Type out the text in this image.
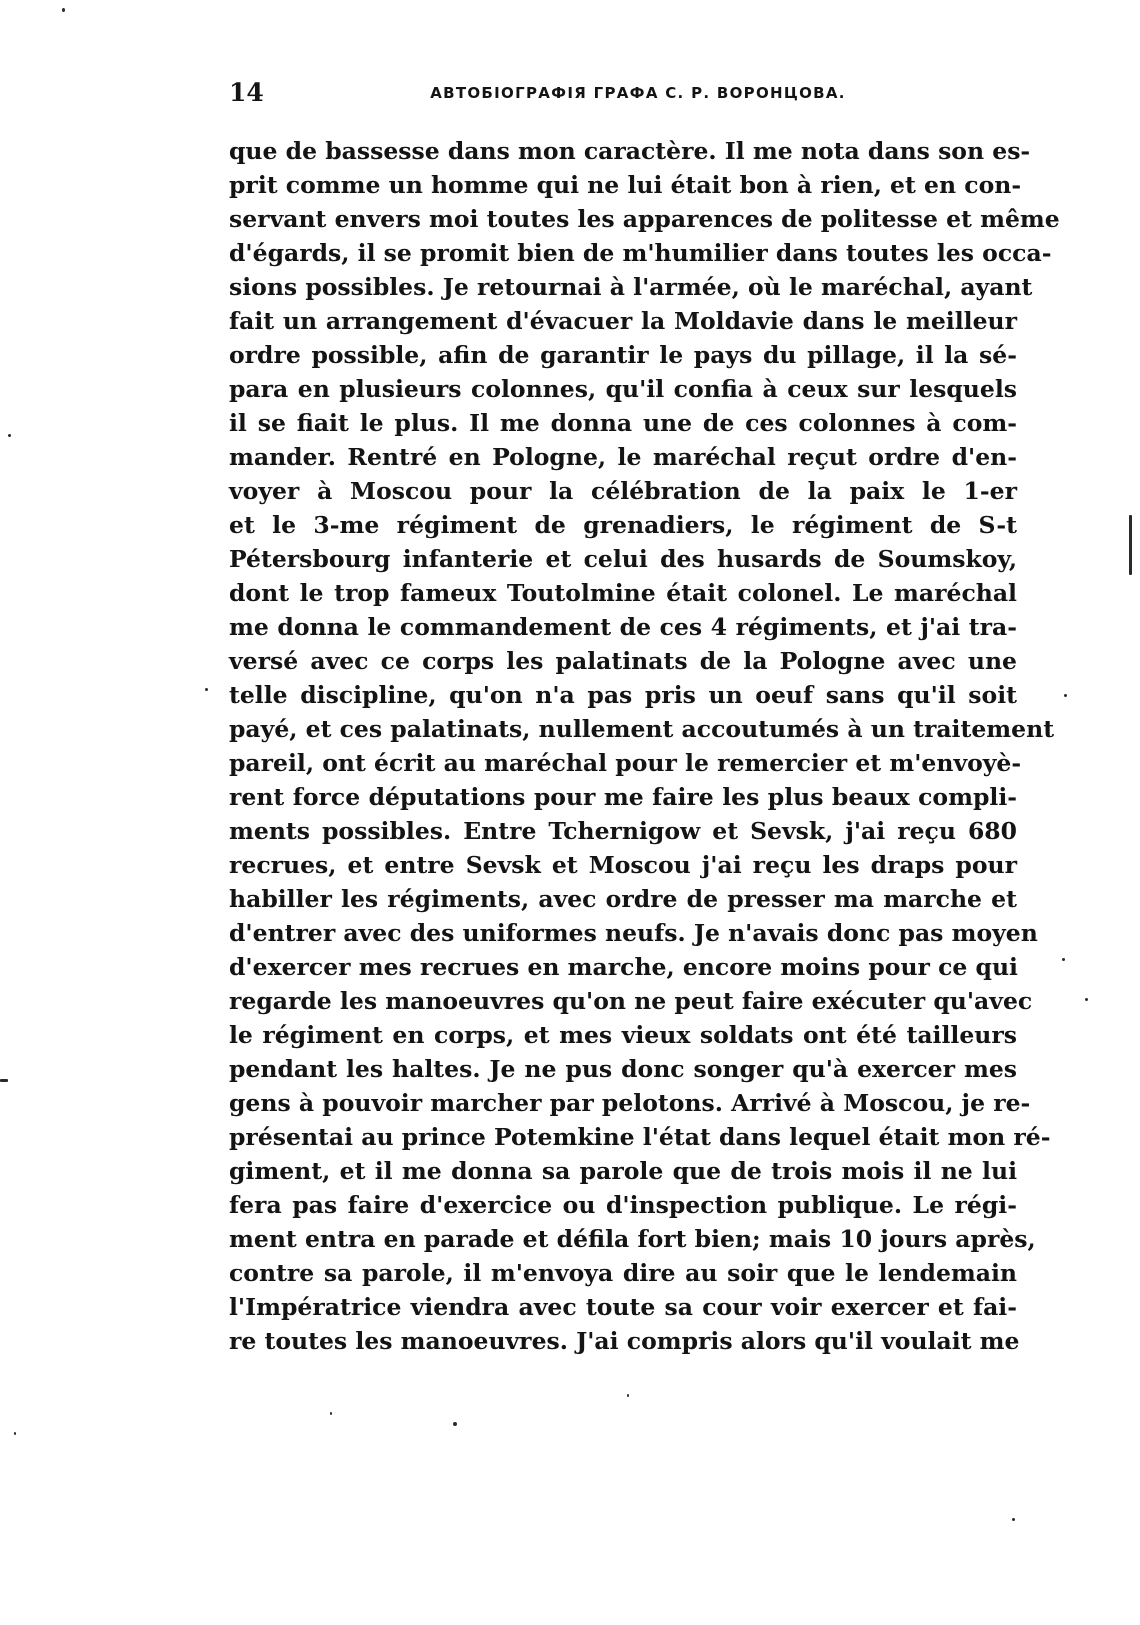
14	АВТОБІОГРАФІЯ ГРАФА С. Р. ВОРОНЦОВА.
que de bassesse dans mon caractère. Il me nota dans son es-
prit comme un homme qui ne lui était bon à rien, et en con-
servant envers moi toutes les apparences de politesse et même
d'égards, il se promit bien de m'humilier dans toutes les occa-
sions possibles. Je retournai à l'armée, où le maréchal, ayant
fait un arrangement d'évacuer la Moldavie dans le meilleur
ordre possible, afin de garantir le pays du pillage, il la sé-
para en plusieurs colonnes, qu'il confia à ceux sur lesquels
il se fiait le plus. Il me donna une de ces colonnes à com-
mander. Rentré en Pologne, le maréchal reçut ordre d'en-
voyer à Moscou pour la célébration de la paix le 1-er
et le 3-me régiment de grenadiers, le régiment de S-t
Pétersbourg infanterie et celui des husards de Soumskoy,
dont le trop fameux Toutolmine était colonel. Le maréchal
me donna le commandement de ces 4 régiments, et j'ai tra-
versé avec ce corps les palatinats de la Pologne avec une
telle discipline, qu'on n'a pas pris un oeuf sans qu'il soit
payé, et ces palatinats, nullement accoutumés à un traitement
pareil, ont écrit au maréchal pour le remercier et m'envoyè-
rent force députations pour me faire les plus beaux compli-
ments possibles. Entre Tchernigow et Sevsk, j'ai reçu 680
recrues, et entre Sevsk et Moscou j'ai reçu les draps pour
habiller les régiments, avec ordre de presser ma marche et
d'entrer avec des uniformes neufs. Je n'avais donc pas moyen
d'exercer mes recrues en marche, encore moins pour ce qui
regarde les manoeuvres qu'on ne peut faire exécuter qu'avec
le régiment en corps, et mes vieux soldats ont été tailleurs
pendant les haltes. Je ne pus donc songer qu'à exercer mes
gens à pouvoir marcher par pelotons. Arrivé à Moscou, je re-
présentai au prince Potemkine l'état dans lequel était mon ré-
giment, et il me donna sa parole que de trois mois il ne lui
fera pas faire d'exercice ou d'inspection publique. Le régi-
ment entra en parade et défila fort bien; mais 10 jours après,
contre sa parole, il m'envoya dire au soir que le lendemain
l'Impératrice viendra avec toute sa cour voir exercer et fai-
re toutes les manoeuvres. J'ai compris alors qu'il voulait me
